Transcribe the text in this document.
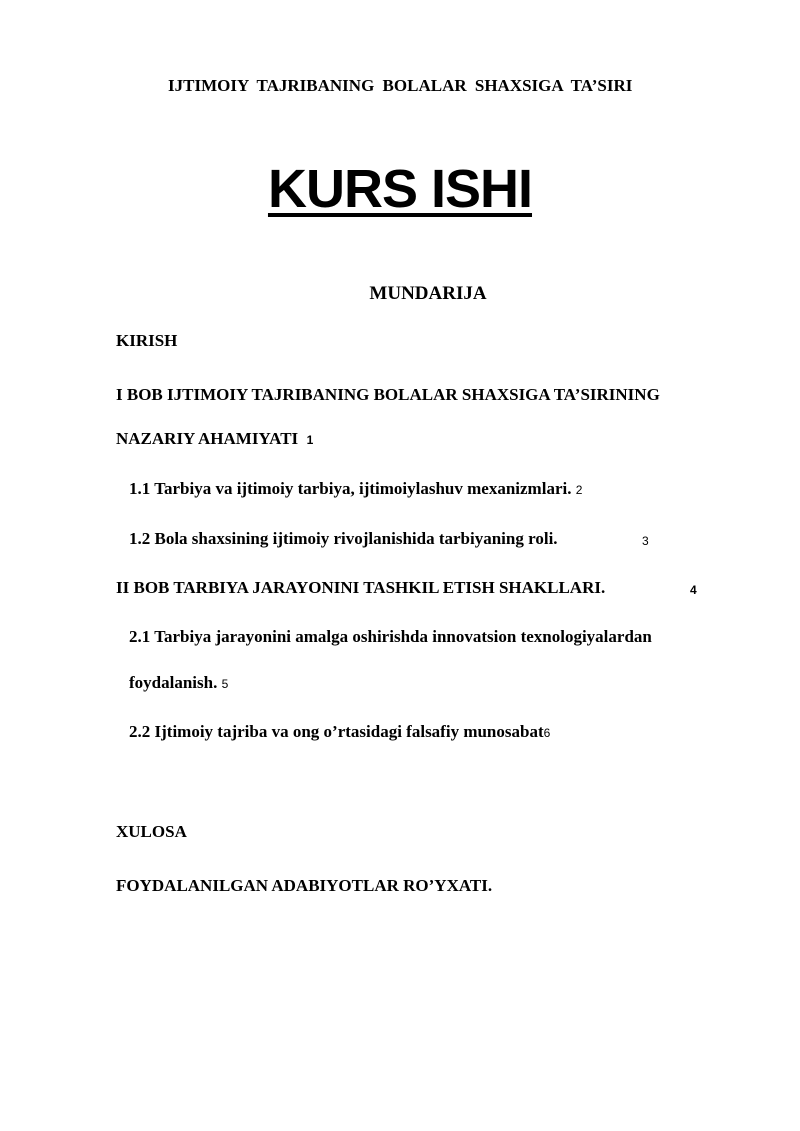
IJTIMOIY TAJRIBANING BOLALAR SHAXSIGA TA’SIRI
KURS ISHI
MUNDARIJA
KIRISH
I BOB IJTIMOIY TAJRIBANING BOLALAR SHAXSIGA TA’SIRINING
NAZARIY AHAMIYATI 1
1.1 Tarbiya va ijtimoiy tarbiya, ijtimoiylashuv mexanizmlari. 2
1.2 Bola shaxsining ijtimoiy rivojlanishida tarbiyaning roli.	3
II BOB TARBIYA JARAYONINI TASHKIL ETISH SHAKLLARI.	4
2.1 Tarbiya jarayonini amalga oshirishda innovatsion texnologiyalardan
foydalanish. 5
2.2 Ijtimoiy tajriba va ong o’rtasidagi falsafiy munosabat6
XULOSA
FOYDALANILGAN ADABIYOTLAR RO’YXATI.
